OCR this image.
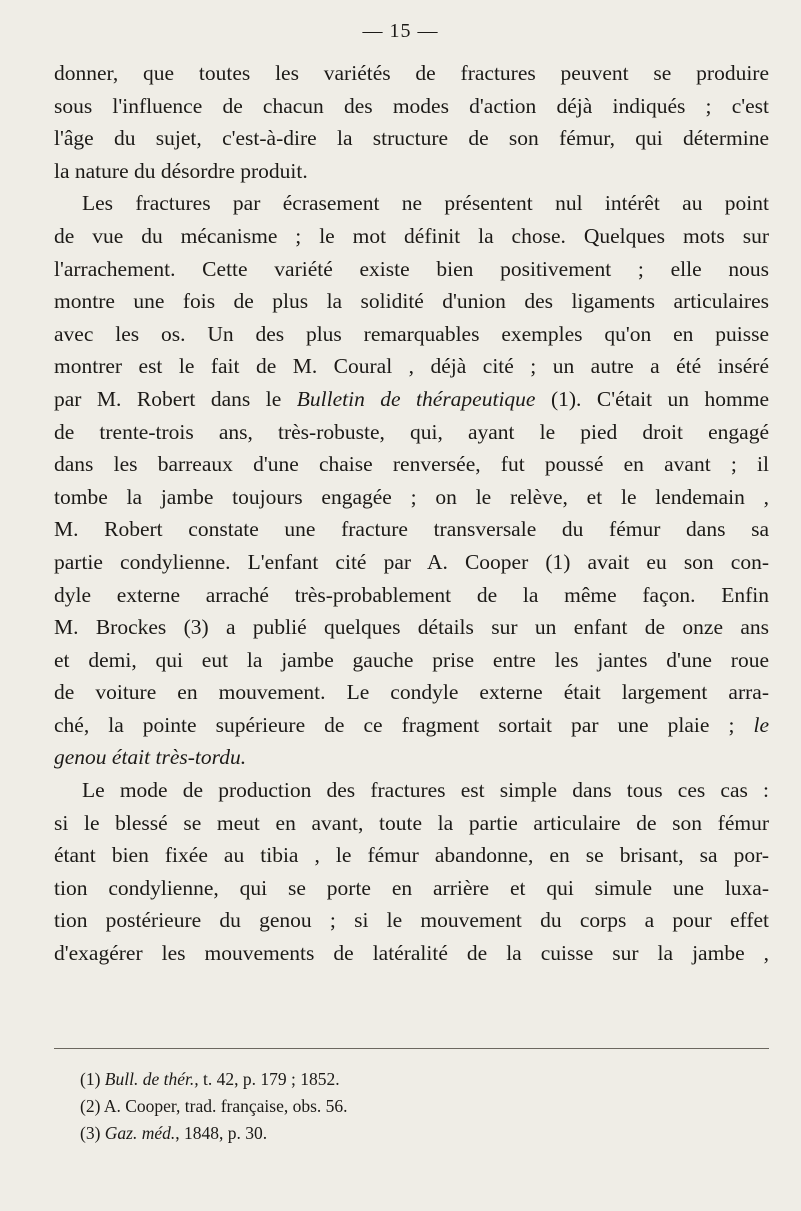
— 15 —
donner, que toutes les variétés de fractures peuvent se produire
sous l'influence de chacun des modes d'action déjà indiqués ; c'est
l'âge du sujet, c'est-à-dire la structure de son fémur, qui détermine
la nature du désordre produit.
Les fractures par écrasement ne présentent nul intérêt au point
de vue du mécanisme ; le mot définit la chose. Quelques mots sur
l'arrachement. Cette variété existe bien positivement ; elle nous
montre une fois de plus la solidité d'union des ligaments articulaires
avec les os. Un des plus remarquables exemples qu'on en puisse
montrer est le fait de M. Coural , déjà cité ; un autre a été inséré
par M. Robert dans le Bulletin de thérapeutique (1). C'était un homme
de trente-trois ans, très-robuste, qui, ayant le pied droit engagé
dans les barreaux d'une chaise renversée, fut poussé en avant ; il
tombe la jambe toujours engagée ; on le relève, et le lendemain ,
M. Robert constate une fracture transversale du fémur dans sa
partie condylienne. L'enfant cité par A. Cooper (1) avait eu son con-
dyle externe arraché très-probablement de la même façon. Enfin
M. Brockes (3) a publié quelques détails sur un enfant de onze ans
et demi, qui eut la jambe gauche prise entre les jantes d'une roue
de voiture en mouvement. Le condyle externe était largement arra-
ché, la pointe supérieure de ce fragment sortait par une plaie ; le
genou était très-tordu.
Le mode de production des fractures est simple dans tous ces cas :
si le blessé se meut en avant, toute la partie articulaire de son fémur
étant bien fixée au tibia , le fémur abandonne, en se brisant, sa por-
tion condylienne, qui se porte en arrière et qui simule une luxa-
tion postérieure du genou ; si le mouvement du corps a pour effet
d'exagérer les mouvements de latéralité de la cuisse sur la jambe ,
(1) Bull. de thér., t. 42, p. 179 ; 1852.
(2) A. Cooper, trad. française, obs. 56.
(3) Gaz. méd., 1848, p. 30.
